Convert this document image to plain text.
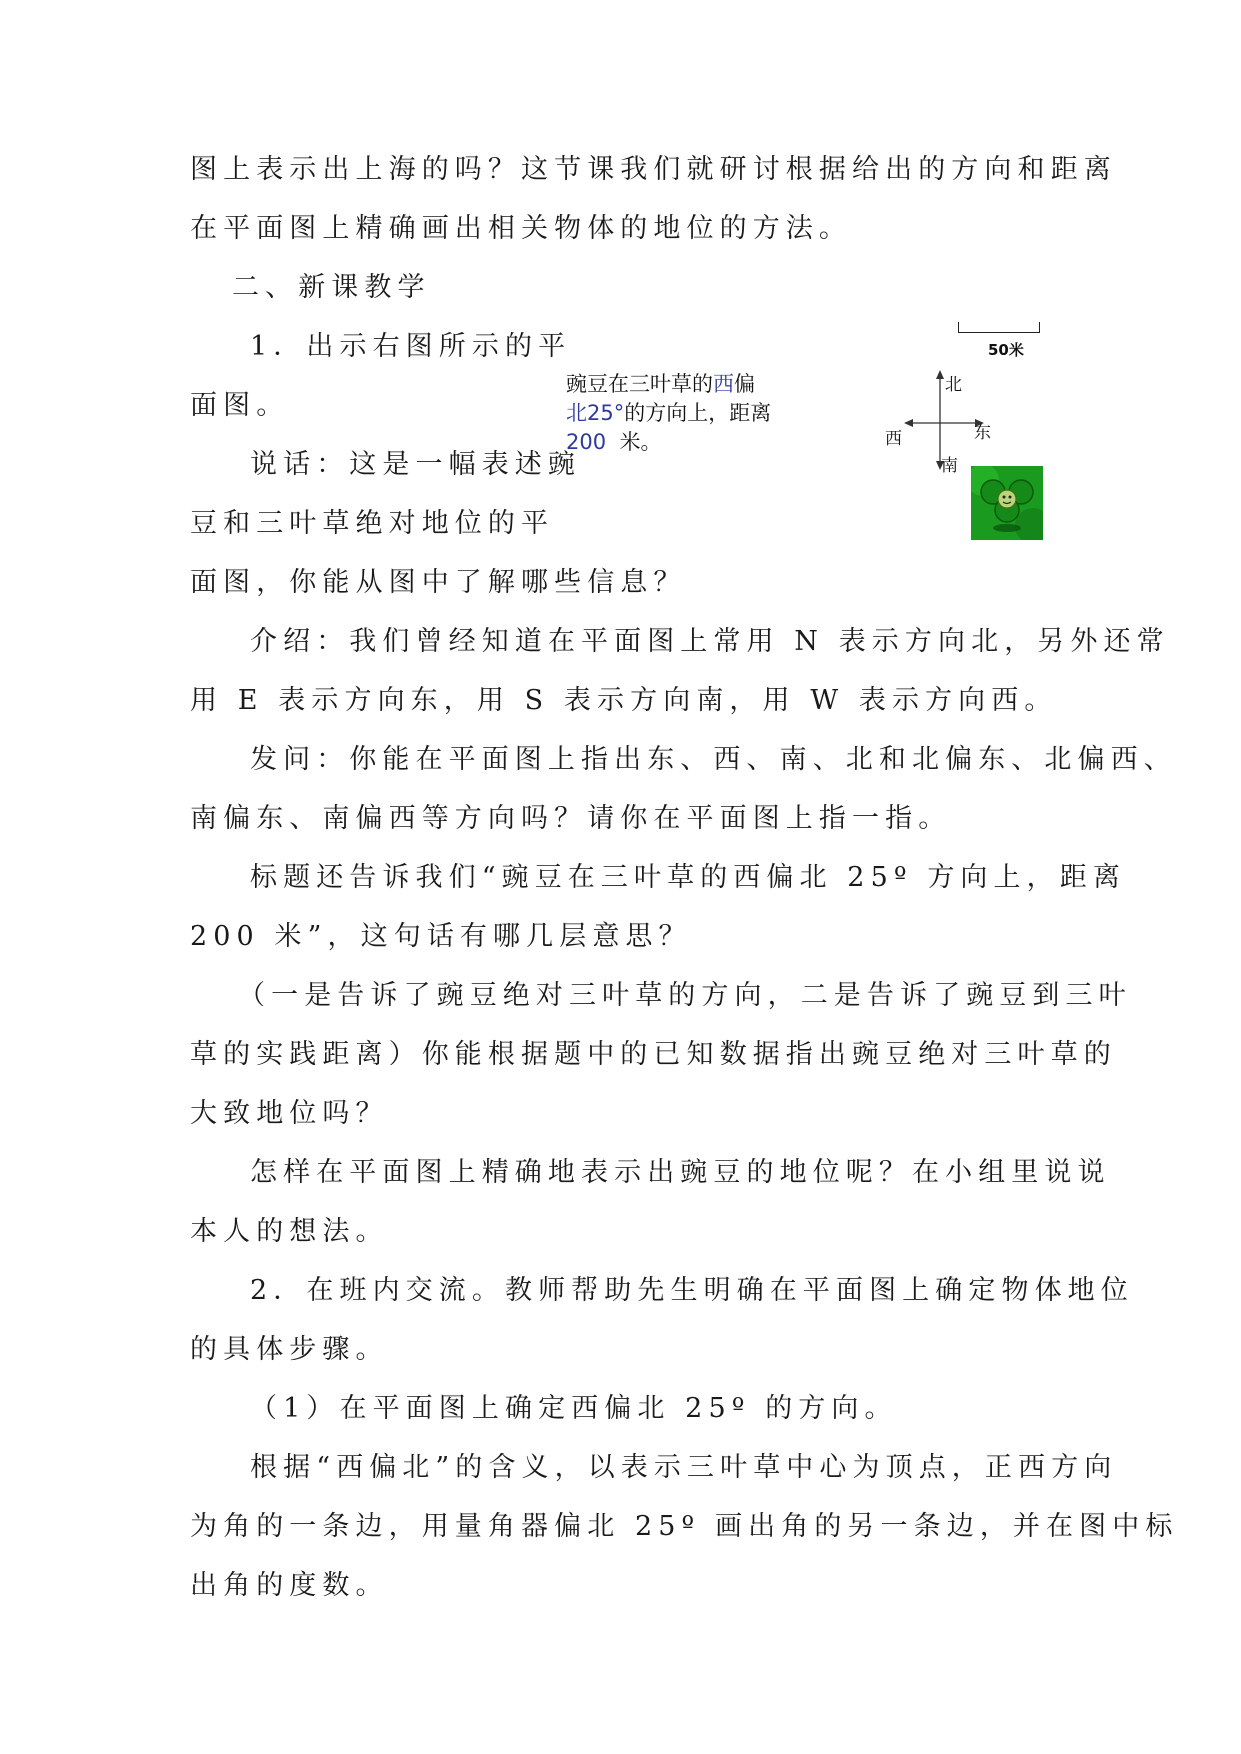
图上表示出上海的吗？这节课我们就研讨根据给出的方向和距离
在平面图上精确画出相关物体的地位的方法。
二、新课教学
1．出示右图所示的平
面图。
说话：这是一幅表述豌
豆和三叶草绝对地位的平
面图，你能从图中了解哪些信息？
介绍：我们曾经知道在平面图上常用 N 表示方向北，另外还常
用 E 表示方向东，用 S 表示方向南，用 W 表示方向西。
发问：你能在平面图上指出东、西、南、北和北偏东、北偏西、
南偏东、南偏西等方向吗？请你在平面图上指一指。
标题还告诉我们“豌豆在三叶草的西偏北 25º 方向上，距离
200 米”，这句话有哪几层意思？
（一是告诉了豌豆绝对三叶草的方向，二是告诉了豌豆到三叶
草的实践距离）你能根据题中的已知数据指出豌豆绝对三叶草的
大致地位吗？
怎样在平面图上精确地表示出豌豆的地位呢？在小组里说说
本人的想法。
2．在班内交流。教师帮助先生明确在平面图上确定物体地位
的具体步骤。
（1）在平面图上确定西偏北 25º 的方向。
根据“西偏北”的含义，以表示三叶草中心为顶点，正西方向
为角的一条边，用量角器偏北 25º 画出角的另一条边，并在图中标
出角的度数。
豌豆在三叶草的西偏
北25°的方向上，距离
200 米。
50米
北
东
西
南
